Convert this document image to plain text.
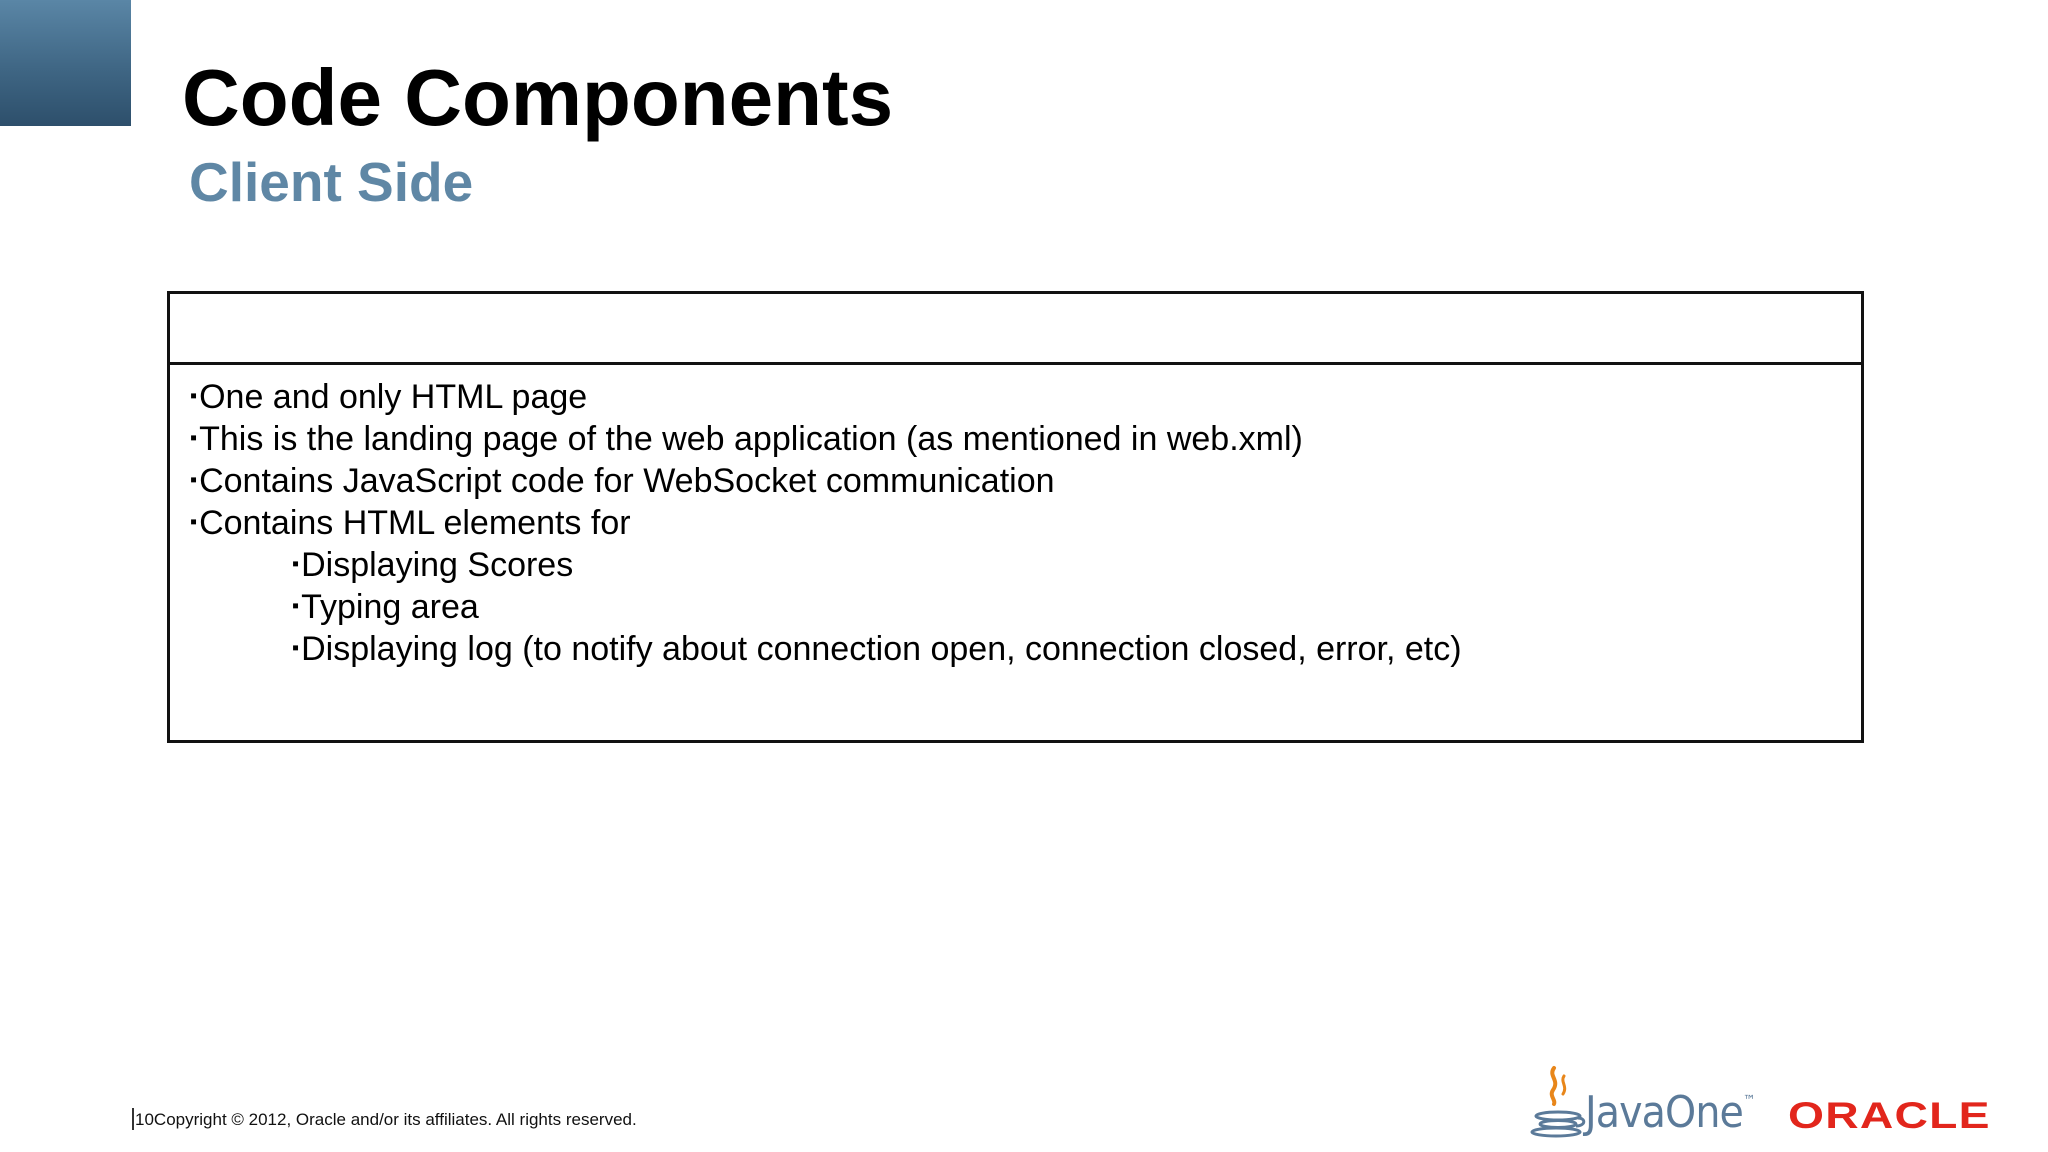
Code Components
Client Side
▪One and only HTML page
▪This is the landing page of the web application (as mentioned in web.xml)
▪Contains JavaScript code for WebSocket communication
▪Contains HTML elements for
▪Displaying Scores
▪Typing area
▪Displaying log (to notify about connection open, connection closed, error, etc)
10Copyright © 2012, Oracle and/or its affiliates. All rights reserved.	JavaOne™ ORACLE
